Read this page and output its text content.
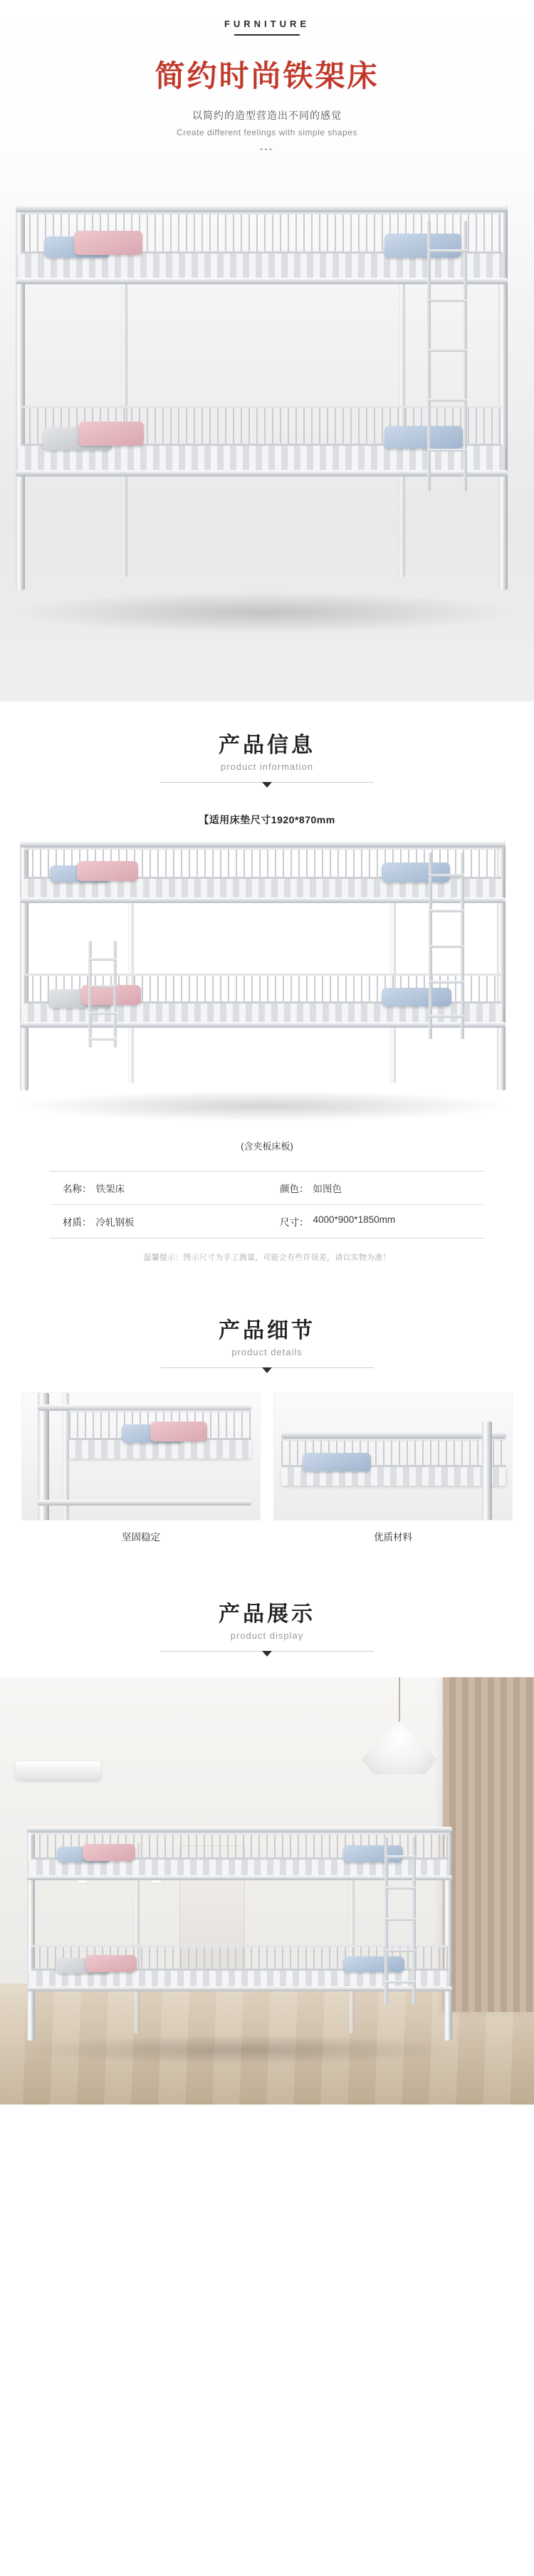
FURNITURE
简约时尚铁架床
以简约的造型营造出不同的感觉
Create different feelings with simple shapes
•••
产品信息
product information
【适用床垫尺寸1920*870mm
(含夹板床板)
名称： 铁架床	颜色： 如图色
材质： 冷轧钢板	尺寸： 4000*900*1850mm
温馨提示：图示尺寸为手工测量，可能会有些许误差，请以实物为准！
产品细节
product details
坚固稳定	优质材料
产品展示
product display
